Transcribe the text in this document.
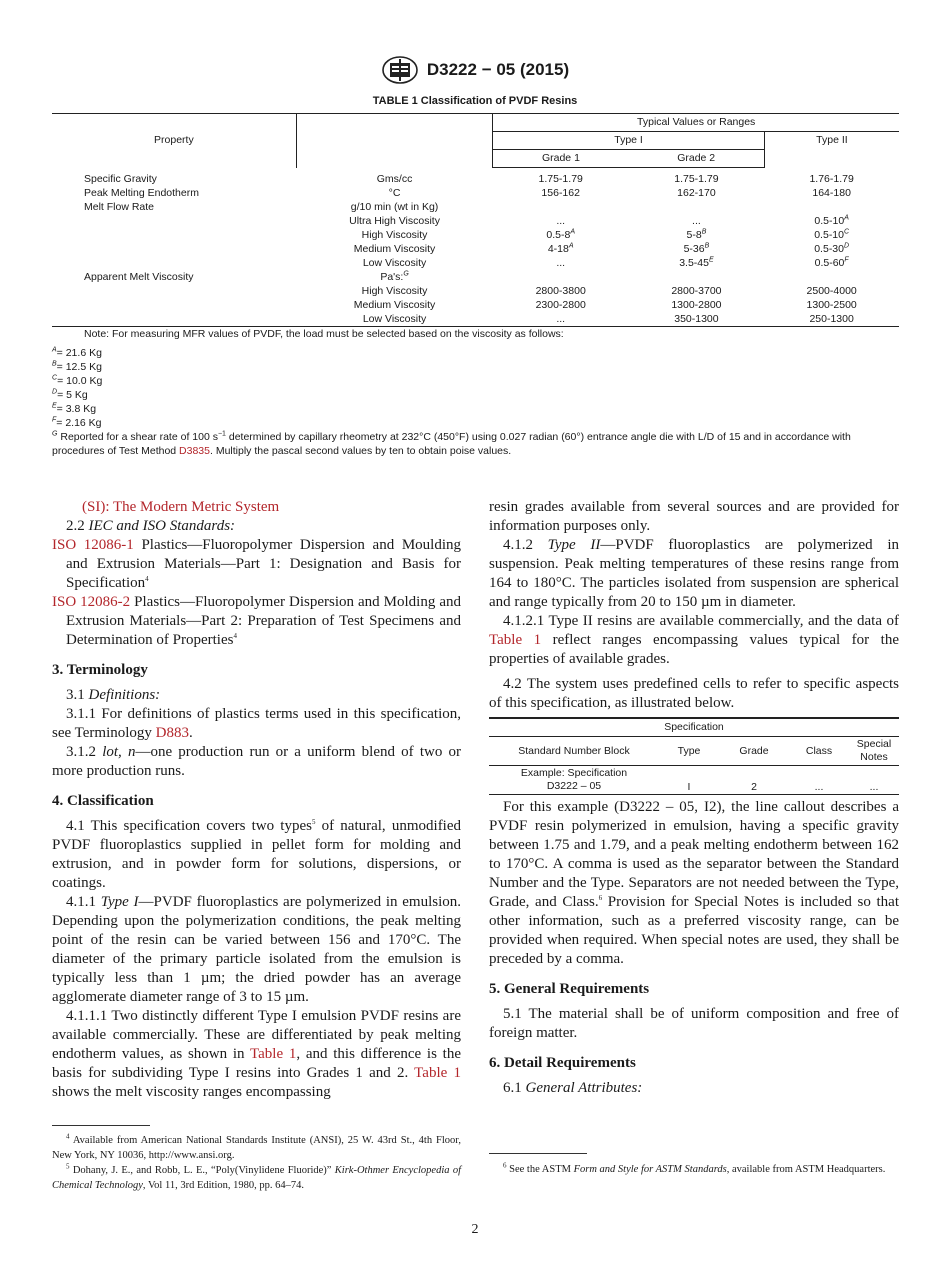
D3222 − 05 (2015)
TABLE 1 Classification of PVDF Resins
Property		Typical Values or Ranges		
		Type I		Type II
		Grade 1	Grade 2	
Specific Gravity	Gms/cc	1.75-1.79	1.75-1.79	1.76-1.79
Peak Melting Endotherm	°C	156-162	162-170	164-180
Melt Flow Rate	g/10 min (wt in Kg)			
	Ultra High Viscosity	...	...	$0.5-10^A$
	High Viscosity	$0.5-8^A$	$5-8^B$	$0.5-10^C$
	Medium Viscosity	$4-18^A$	$5-36^B$	$0.5-30^D$
	Low Viscosity	...	$3.5-45^E$	$0.5-60^F$
Apparent Melt Viscosity	Pa's:$^G$			
	High Viscosity	2800-3800	2800-3700	2500-4000
	Medium Viscosity	2300-2800	1300-2800	1300-2500
	Low Viscosity	...	350-1300	250-1300
Note: For measuring MFR values of PVDF, the load must be selected based on the viscosity as follows:
$^A$= 21.6 Kg
$^B$= 12.5 Kg
$^C$= 10.0 Kg
$^D$= 5 Kg
$^E$= 3.8 Kg
$^F$= 2.16 Kg
$^G$ Reported for a shear rate of 100 $s^{-1}$ determined by capillary rheometry at 232°C (450°F) using 0.027 radian (60°) entrance angle die with L/D of 15 and in accordance with procedures of Test Method D3835. Multiply the pascal second values by ten to obtain poise values.

(SI): The Modern Metric System

2.2 IEC and ISO Standards:

ISO 12086-1 Plastics—Fluoropolymer Dispersion and Moulding and Extrusion Materials—Part 1: Designation and Basis for Specification$^4$

ISO 12086-2 Plastics—Fluoropolymer Dispersion and Molding and Extrusion Materials—Part 2: Preparation of Test Specimens and Determination of Properties$^4$

3. Terminology

3.1 Definitions:

3.1.1 For definitions of plastics terms used in this specification, see Terminology D883.

3.1.2 lot, n—one production run or a uniform blend of two or more production runs.

4. Classification

4.1 This specification covers two types$^5$ of natural, unmodified PVDF fluoroplastics supplied in pellet form for molding and extrusion, and in powder form for solutions, dispersions, or coatings.

4.1.1 Type I—PVDF fluoroplastics are polymerized in emulsion. Depending upon the polymerization conditions, the peak melting point of the resin can be varied between 156 and 170°C. The diameter of the primary particle isolated from the emulsion is typically less than 1 µm; the dried powder has an average agglomerate diameter range of 3 to 15 µm.

4.1.1.1 Two distinctly different Type I emulsion PVDF resins are available commercially. These are differentiated by peak melting endotherm values, as shown in Table 1, and this difference is the basis for subdividing Type I resins into Grades 1 and 2. Table 1 shows the melt viscosity ranges encompassing

resin grades available from several sources and are provided for information purposes only.

4.1.2 Type II—PVDF fluoroplastics are polymerized in suspension. Peak melting temperatures of these resins range from 164 to 180°C. The particles isolated from suspension are spherical and range typically from 20 to 150 µm in diameter.

4.1.2.1 Type II resins are available commercially, and the data of Table 1 reflect ranges encompassing values typical for the properties of available grades.

4.2 The system uses predefined cells to refer to specific aspects of this specification, as illustrated below.

Specification				
Standard Number Block	Type	Grade	Class	Special Notes

Example: Specification
D3222 – 05	I	2	...	...

For this example (D3222 – 05, I2), the line callout describes a PVDF resin polymerized in emulsion, having a specific gravity between 1.75 and 1.79, and a peak melting endotherm between 162 to 170°C. A comma is used as the separator between the Standard Number and the Type. Separators are not needed between the Type, Grade, and Class.$^6$ Provision for Special Notes is included so that other information, such as a preferred viscosity range, can be provided when required. When special notes are used, they shall be preceded by a comma.

5. General Requirements

5.1 The material shall be of uniform composition and free of foreign matter.

6. Detail Requirements

6.1 General Attributes:

$^4$ Available from American National Standards Institute (ANSI), 25 W. 43rd St., 4th Floor, New York, NY 10036, http://www.ansi.org.
$^5$ Dohany, J. E., and Robb, L. E., “Poly(Vinylidene Fluoride)” Kirk-Othmer Encyclopedia of Chemical Technology, Vol 11, 3rd Edition, 1980, pp. 64–74.
$^6$ See the ASTM Form and Style for ASTM Standards, available from ASTM Headquarters.
2
